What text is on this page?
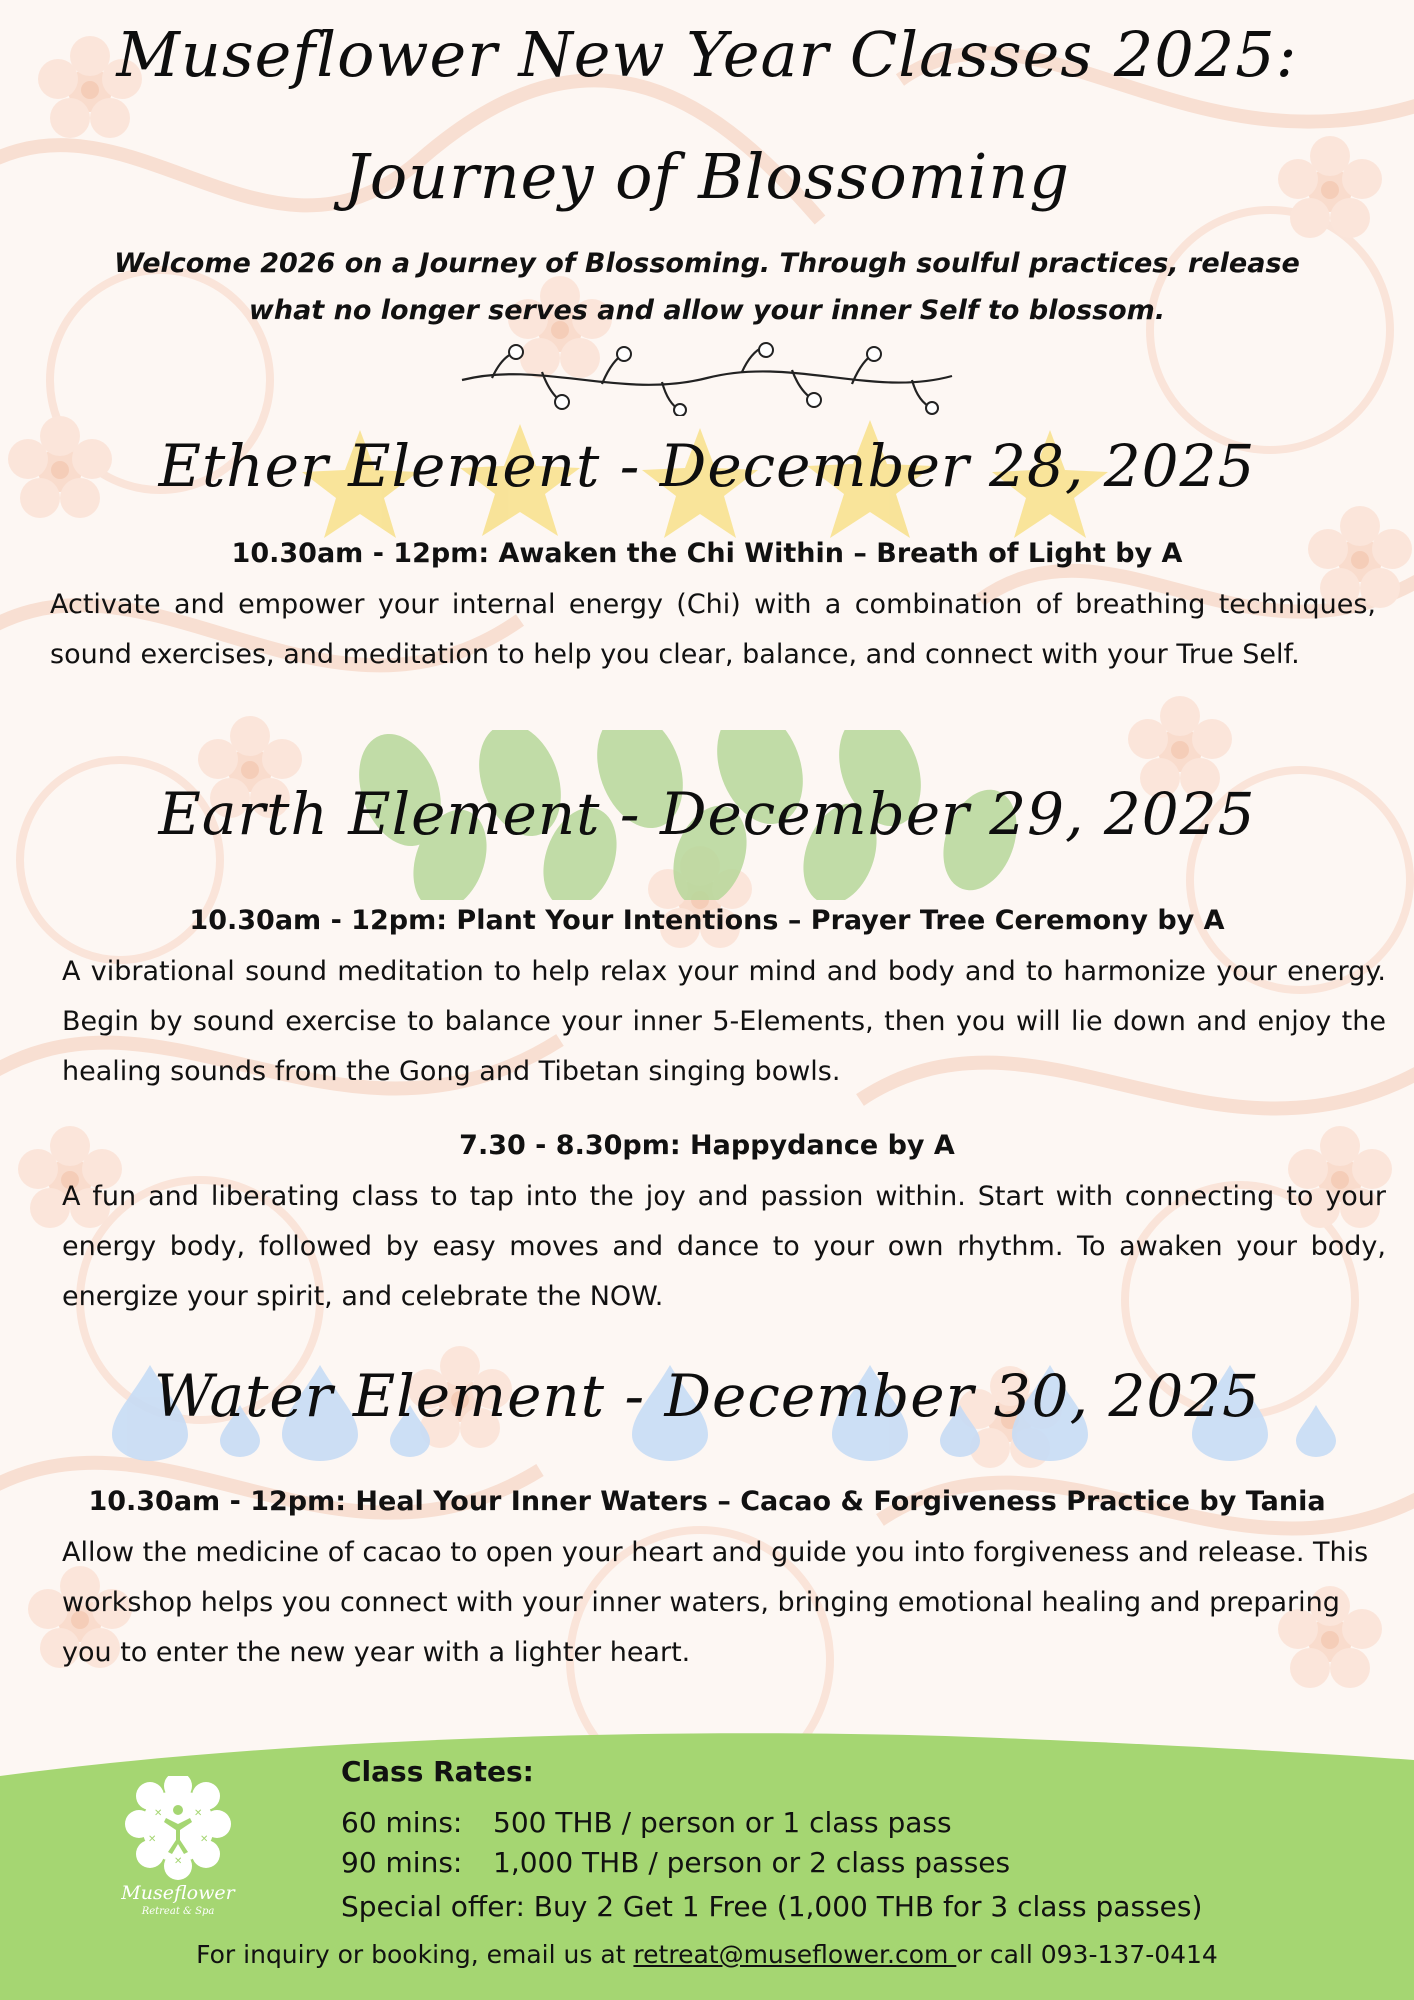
Museflower New Year Classes 2025:
Journey of Blossoming

Welcome 2026 on a Journey of Blossoming. Through soulful practices, release
what no longer serves and allow your inner Self to blossom.

Ether Element - December 28, 2025

10.30am - 12pm: Awaken the Chi Within – Breath of Light by A

Activate and empower your internal energy (Chi) with a combination of breathing techniques, sound exercises, and meditation to help you clear, balance, and connect with your True Self.

Earth Element - December 29, 2025

10.30am - 12pm: Plant Your Intentions – Prayer Tree Ceremony by A

A vibrational sound meditation to help relax your mind and body and to harmonize your energy. Begin by sound exercise to balance your inner 5-Elements, then you will lie down and enjoy the healing sounds from the Gong and Tibetan singing bowls.

7.30 - 8.30pm: Happydance by A

A fun and liberating class to tap into the joy and passion within. Start with connecting to your energy body, followed by easy moves and dance to your own rhythm. To awaken your body, energize your spirit, and celebrate the NOW.

Water Element - December 30, 2025

10.30am - 12pm: Heal Your Inner Waters – Cacao & Forgiveness Practice by Tania

Allow the medicine of cacao to open your heart and guide you into forgiveness and release. This workshop helps you connect with your inner waters, bringing emotional healing and preparing you to enter the new year with a lighter heart.

✕	✕
✕	✕
✕

Museflower

Retreat & Spa

Class Rates:

60 mins: 500 THB / person or 1 class pass

90 mins: 1,000 THB / person or 2 class passes

Special offer: Buy 2 Get 1 Free (1,000 THB for 3 class passes)

For inquiry or booking, email us at retreat@museflower.com or call 093-137-0414
